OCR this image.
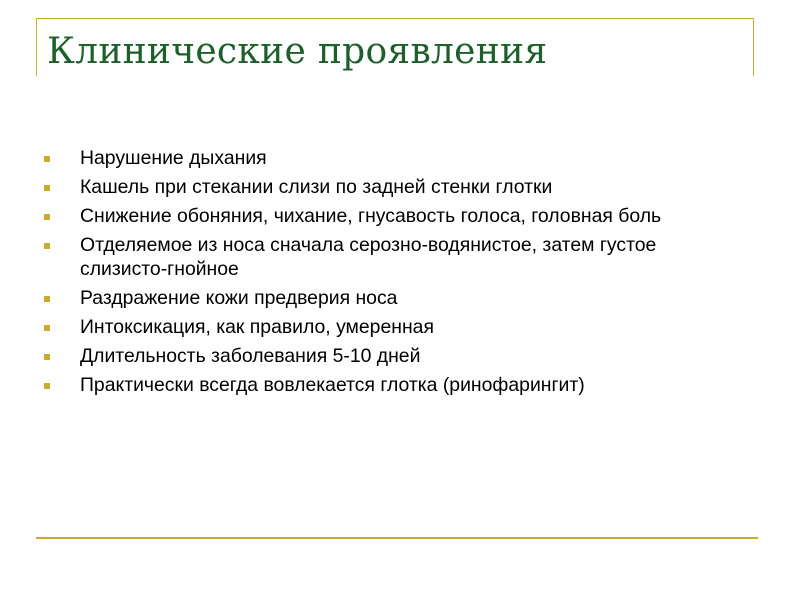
Клинические проявления
Нарушение дыхания
Кашель при стекании слизи по задней стенки глотки
Снижение обоняния, чихание, гнусавость голоса, головная боль
Отделяемое из носа сначала серозно-водянистое, затем густое слизисто-гнойное
Раздражение кожи предверия носа
Интоксикация, как правило, умеренная
Длительность заболевания 5-10 дней
Практически всегда вовлекается глотка (ринофарингит)
